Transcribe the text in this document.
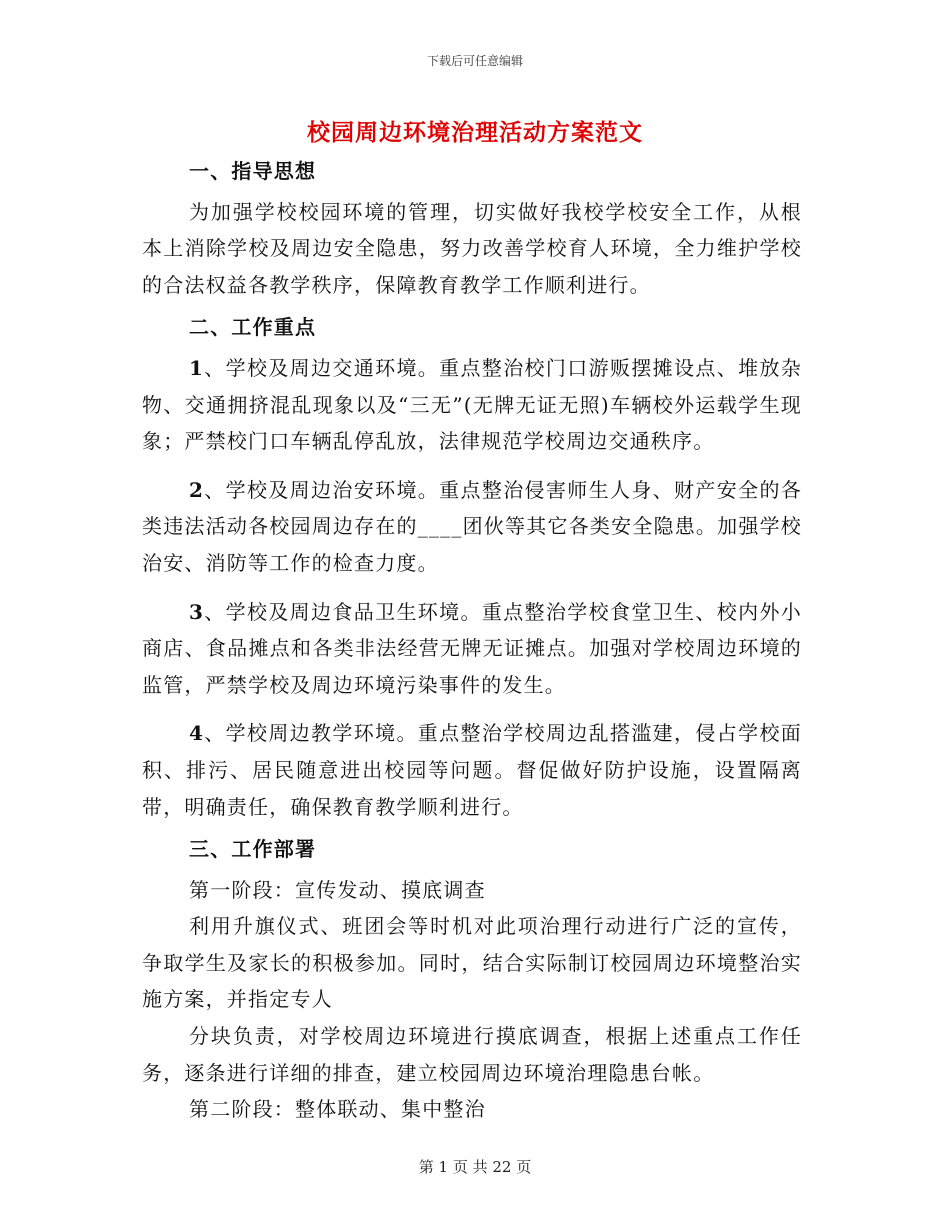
下载后可任意编辑
校园周边环境治理活动方案范文

一、指导思想

为加强学校校园环境的管理，切实做好我校学校安全工作，从根本上消除学校及周边安全隐患，努力改善学校育人环境，全力维护学校的合法权益各教学秩序，保障教育教学工作顺利进行。

二、工作重点

1、学校及周边交通环境。重点整治校门口游贩摆摊设点、堆放杂物、交通拥挤混乱现象以及“三无”(无牌无证无照)车辆校外运载学生现象；严禁校门口车辆乱停乱放，法律规范学校周边交通秩序。

2、学校及周边治安环境。重点整治侵害师生人身、财产安全的各类违法活动各校园周边存在的____团伙等其它各类安全隐患。加强学校治安、消防等工作的检查力度。

3、学校及周边食品卫生环境。重点整治学校食堂卫生、校内外小商店、食品摊点和各类非法经营无牌无证摊点。加强对学校周边环境的监管，严禁学校及周边环境污染事件的发生。

4、学校周边教学环境。重点整治学校周边乱搭滥建，侵占学校面积、排污、居民随意进出校园等问题。督促做好防护设施，设置隔离带，明确责任，确保教育教学顺利进行。

三、工作部署

第一阶段：宣传发动、摸底调查

利用升旗仪式、班团会等时机对此项治理行动进行广泛的宣传，争取学生及家长的积极参加。同时，结合实际制订校园周边环境整治实施方案，并指定专人

分块负责，对学校周边环境进行摸底调查，根据上述重点工作任务，逐条进行详细的排查，建立校园周边环境治理隐患台帐。

第二阶段：整体联动、集中整治

第 1 页 共 22 页
